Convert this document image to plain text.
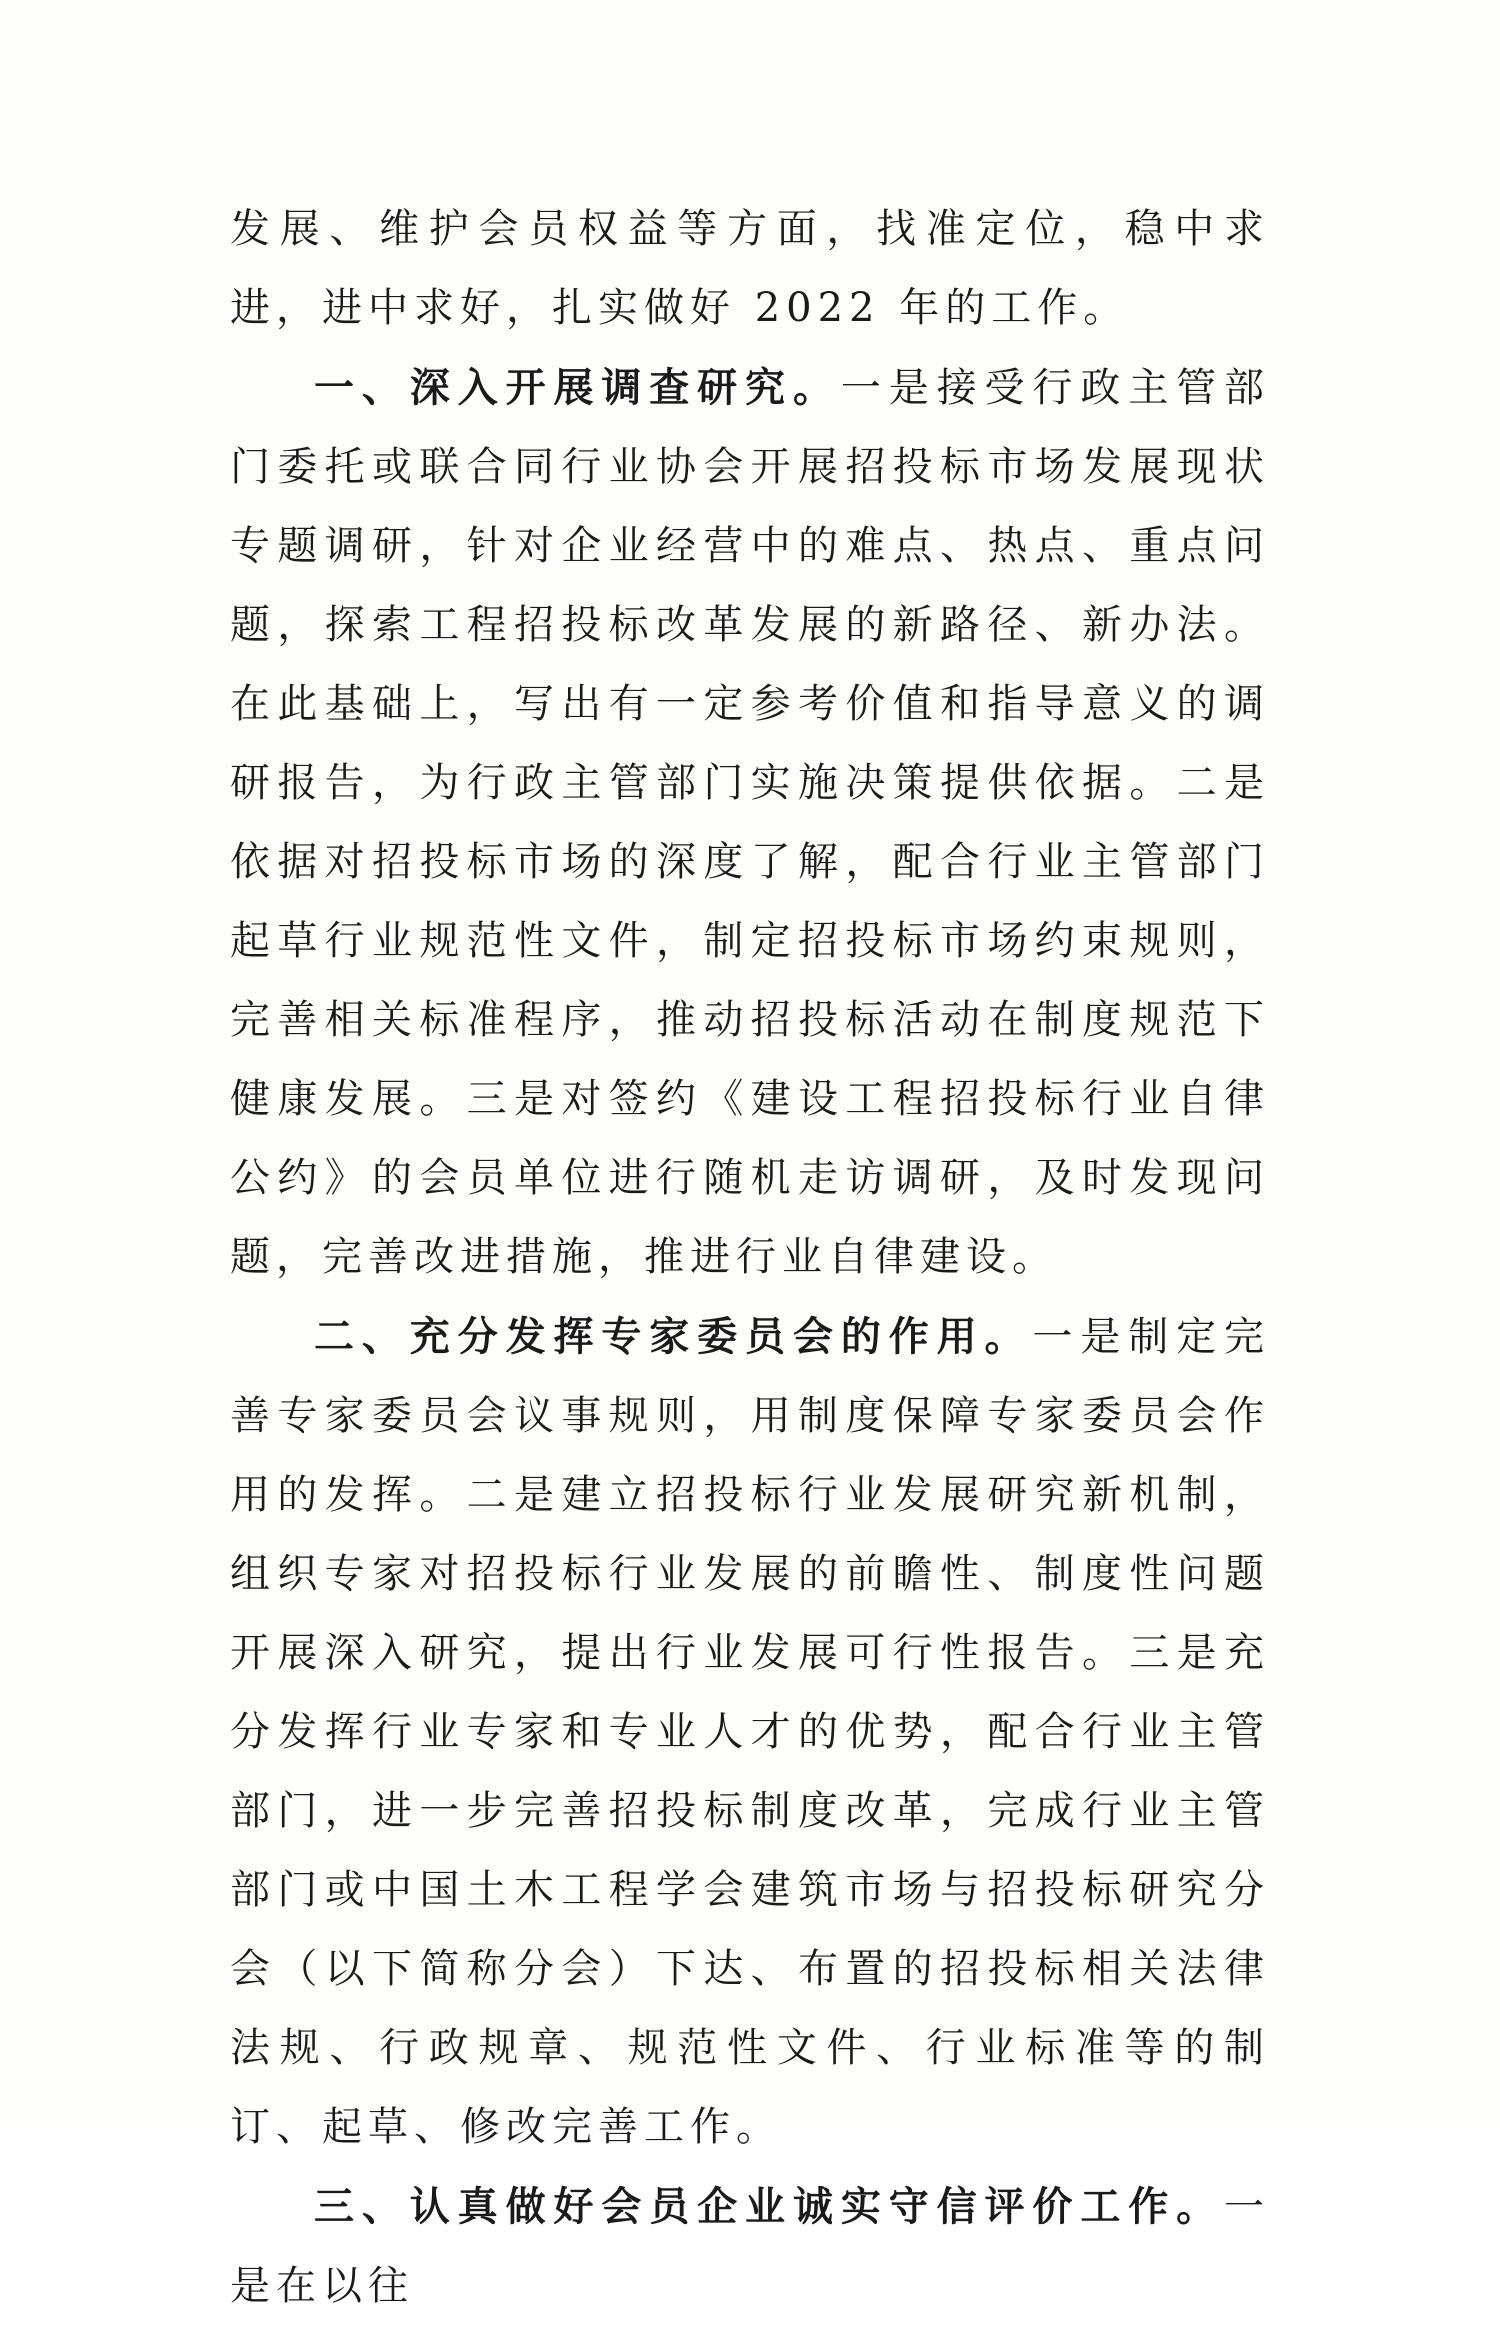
发展、维护会员权益等方面，找准定位，稳中求进，进中求好，扎实做好 2022 年的工作。

一、深入开展调查研究。一是接受行政主管部门委托或联合同行业协会开展招投标市场发展现状专题调研，针对企业经营中的难点、热点、重点问题，探索工程招投标改革发展的新路径、新办法。在此基础上，写出有一定参考价值和指导意义的调研报告，为行政主管部门实施决策提供依据。二是依据对招投标市场的深度了解，配合行业主管部门起草行业规范性文件，制定招投标市场约束规则，完善相关标准程序，推动招投标活动在制度规范下健康发展。三是对签约《建设工程招投标行业自律公约》的会员单位进行随机走访调研，及时发现问题，完善改进措施，推进行业自律建设。

二、充分发挥专家委员会的作用。一是制定完善专家委员会议事规则，用制度保障专家委员会作用的发挥。二是建立招投标行业发展研究新机制，组织专家对招投标行业发展的前瞻性、制度性问题开展深入研究，提出行业发展可行性报告。三是充分发挥行业专家和专业人才的优势，配合行业主管部门，进一步完善招投标制度改革，完成行业主管部门或中国土木工程学会建筑市场与招投标研究分会（以下简称分会）下达、布置的招投标相关法律法规、行政规章、规范性文件、行业标准等的制订、起草、修改完善工作。

三、认真做好会员企业诚实守信评价工作。一是在以往
